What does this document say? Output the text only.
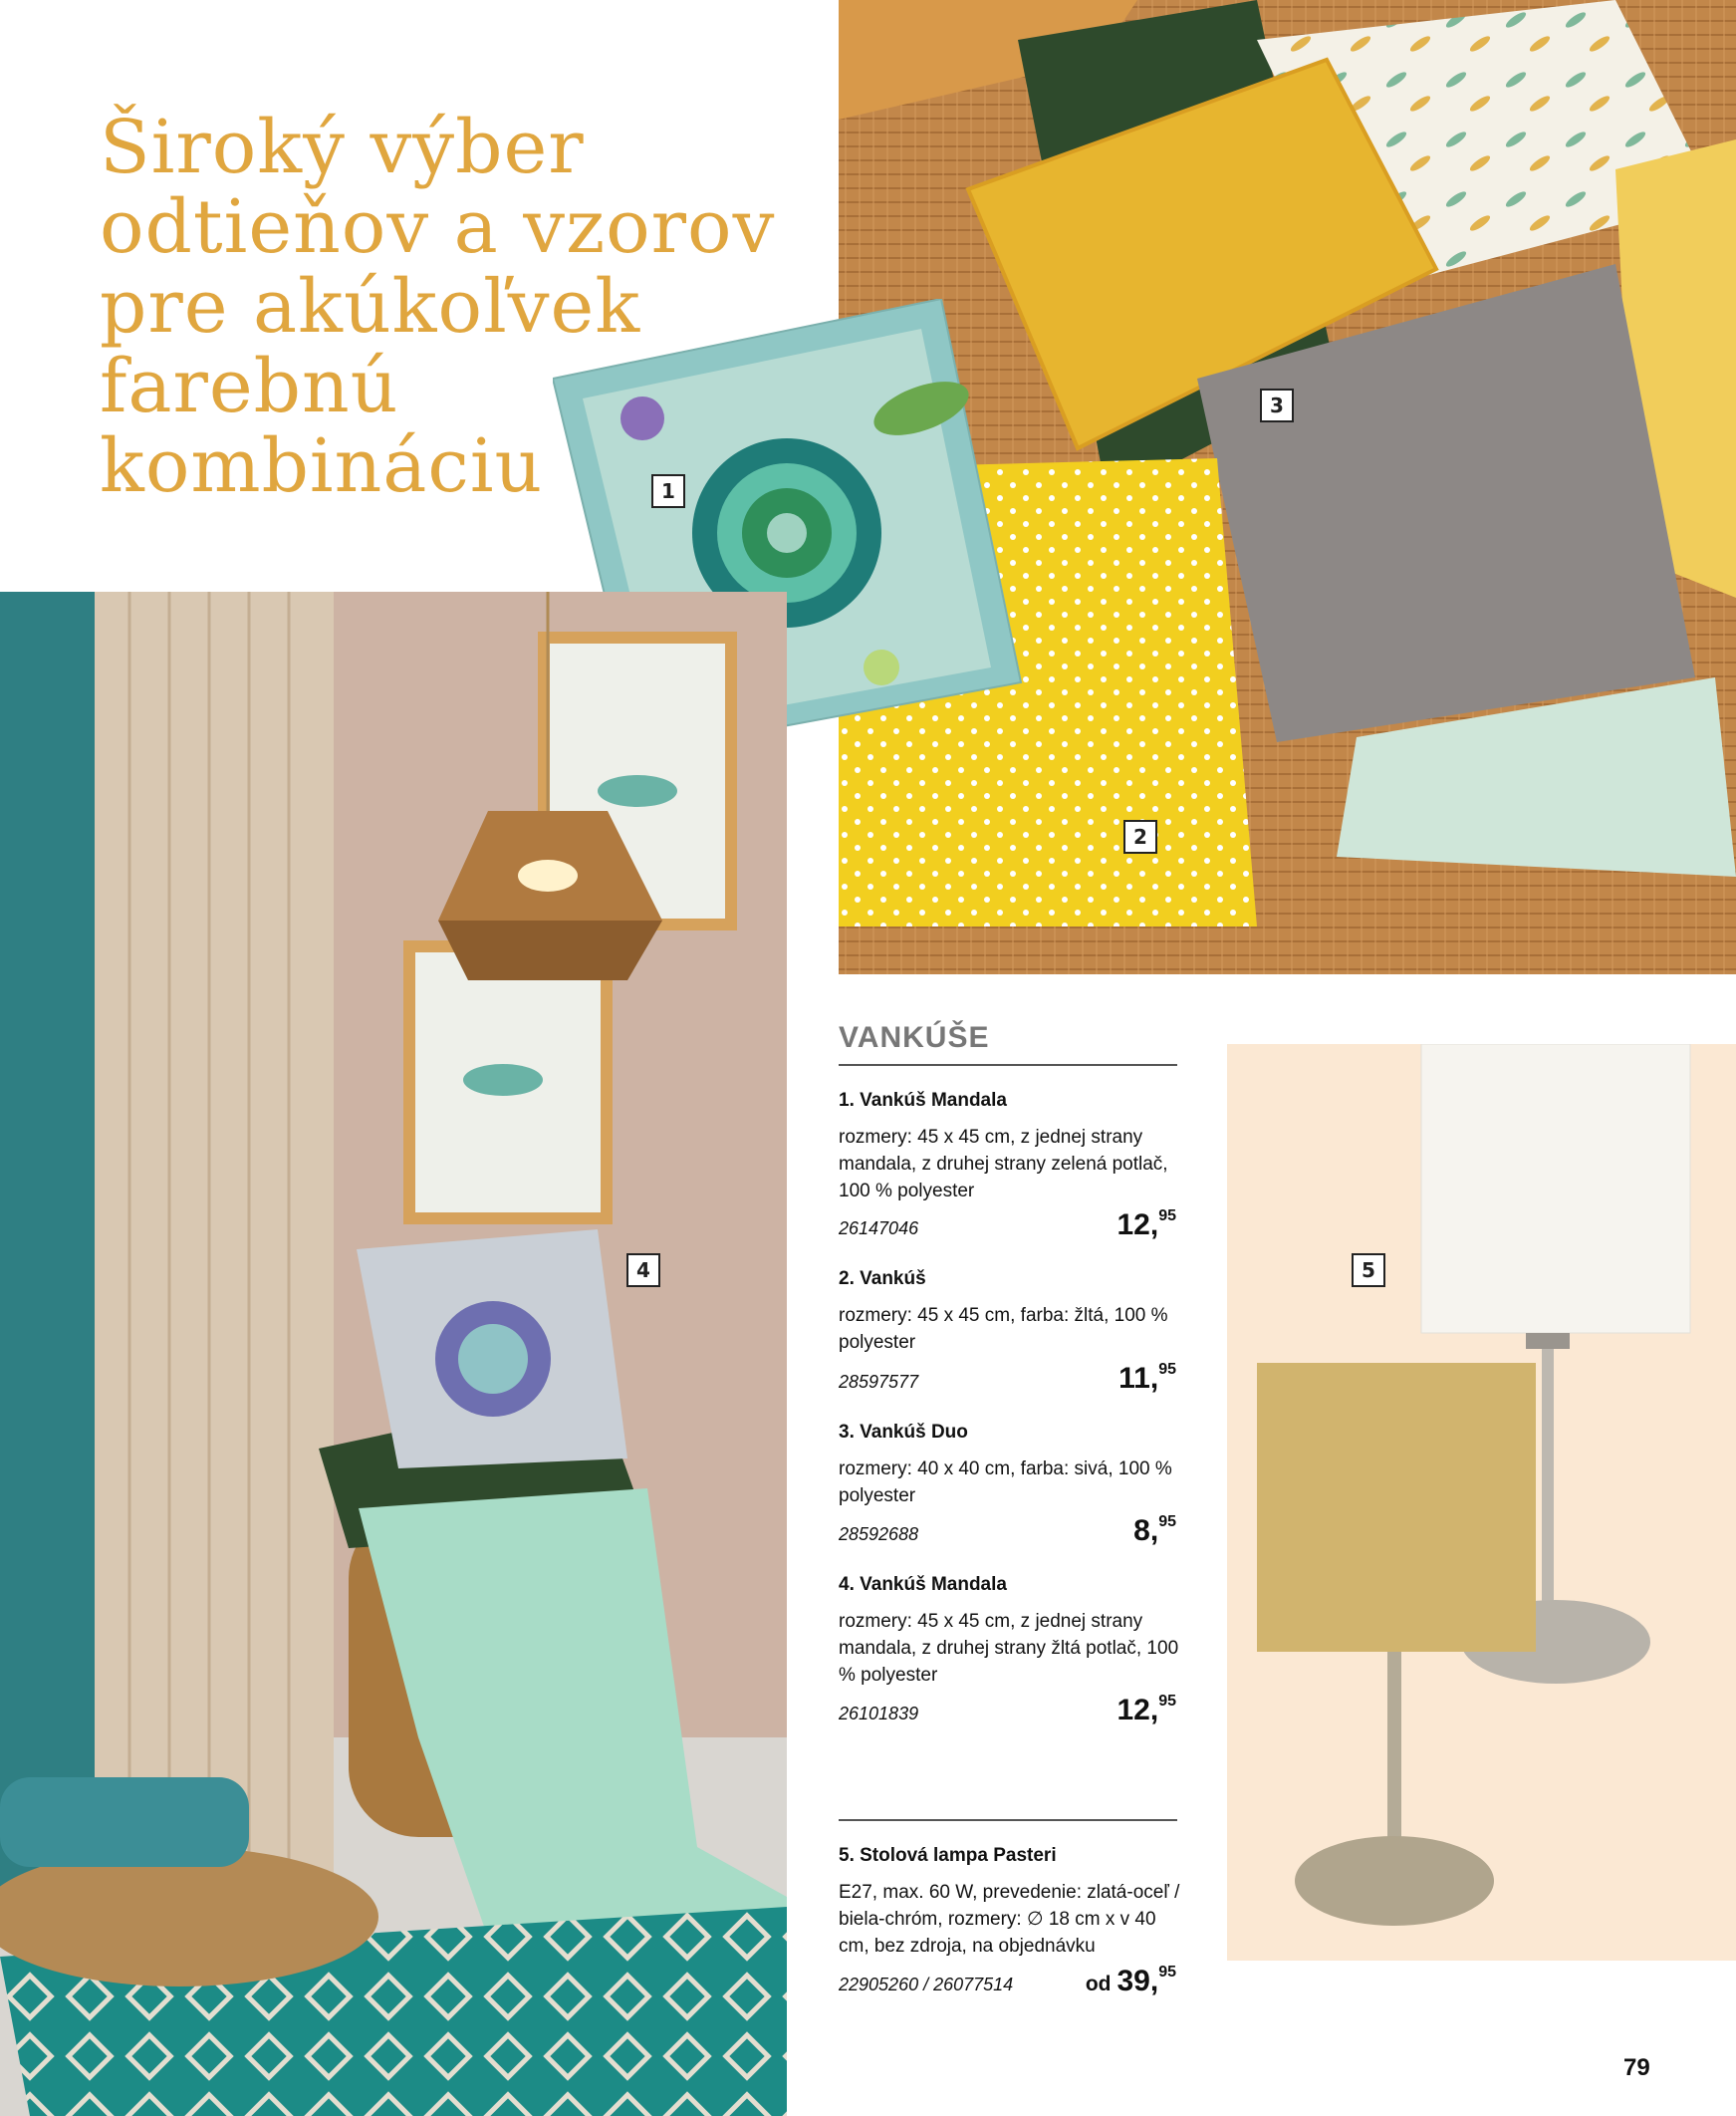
Široký výber odtieňov a vzorov pre akúkoľvek farebnú kombináciu
3
2
1
4	5
VANKÚŠE
1. Vankúš Mandala
rozmery: 45 x 45 cm, z jednej strany mandala, z druhej strany zelená potlač, 100 % polyester
26147046	12,95
2. Vankúš
rozmery: 45 x 45 cm, farba: žltá, 100 % polyester
28597577	11,95
3. Vankúš Duo
rozmery: 40 x 40 cm, farba: sivá, 100 % polyester
28592688	8,95
4. Vankúš Mandala
rozmery: 45 x 45 cm, z jednej strany mandala, z druhej strany žltá potlač, 100 % polyester
26101839	12,95
5. Stolová lampa Pasteri
E27, max. 60 W, prevedenie: zlatá-oceľ / biela-chróm, rozmery: ∅ 18 cm x v 40 cm, bez zdroja, na objednávku
22905260 / 26077514	od 39,95
79
